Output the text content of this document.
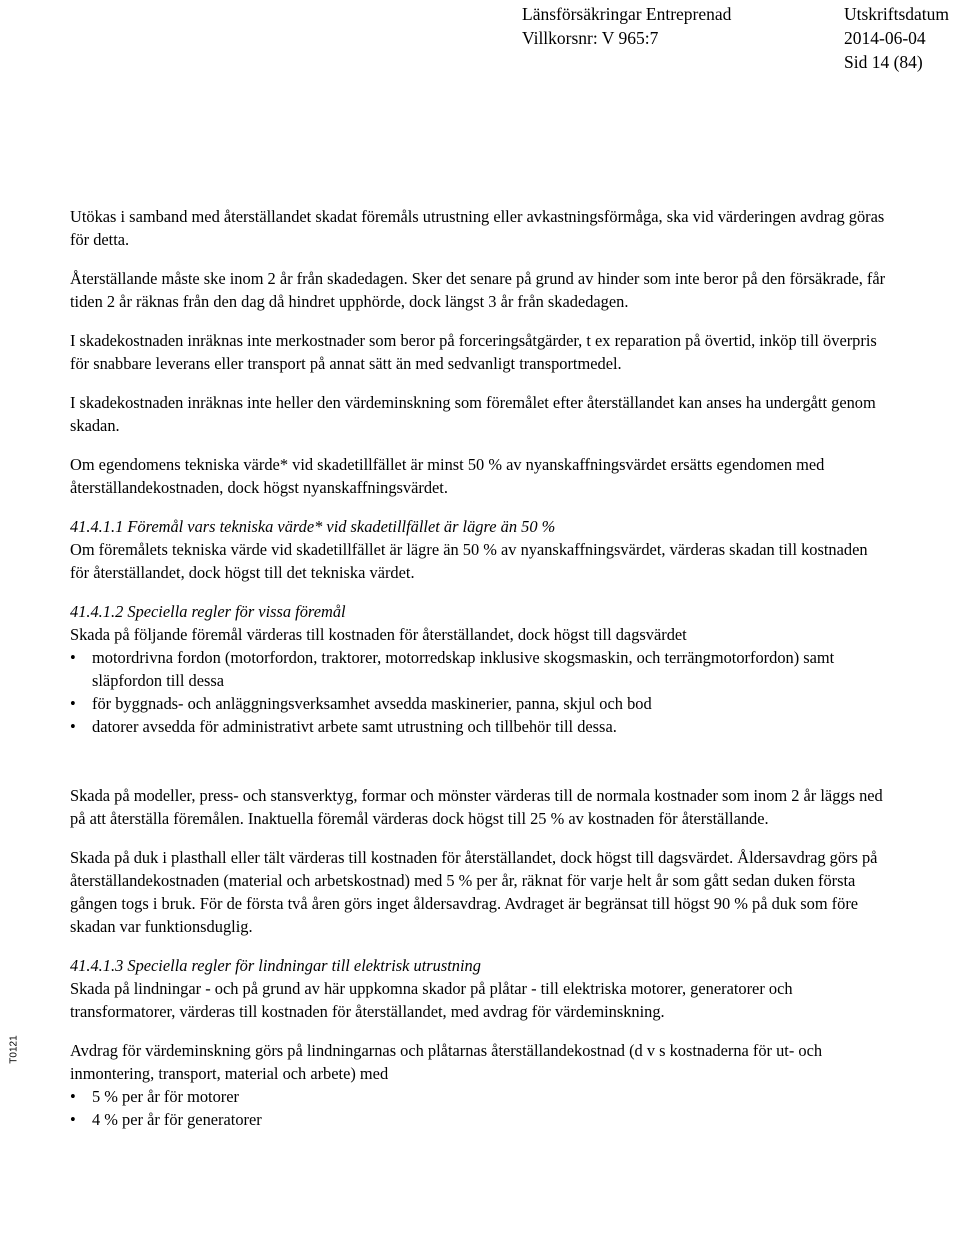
Länsförsäkringar Entreprenad
Villkorsnr: V 965:7
Utskriftsdatum
2014-06-04
Sid 14 (84)
T0121

Utökas i samband med återställandet skadat föremåls utrustning eller avkastningsförmåga, ska vid värderingen avdrag göras för detta.

Återställande måste ske inom 2 år från skadedagen. Sker det senare på grund av hinder som inte beror på den försäkrade, får tiden 2 år räknas från den dag då hindret upphörde, dock längst 3 år från skadedagen.

I skadekostnaden inräknas inte merkostnader som beror på forceringsåtgärder, t ex reparation på övertid, inköp till överpris för snabbare leverans eller transport på annat sätt än med sedvanligt transportmedel.

I skadekostnaden inräknas inte heller den värdeminskning som föremålet efter återställandet kan anses ha undergått genom skadan.

Om egendomens tekniska värde* vid skadetillfället är minst 50 % av nyanskaffningsvärdet ersätts egendomen med återställandekostnaden, dock högst nyanskaffningsvärdet.

41.4.1.1 Föremål vars tekniska värde* vid skadetillfället är lägre än 50 %

Om föremålets tekniska värde vid skadetillfället är lägre än 50 % av nyanskaffningsvärdet, värderas skadan till kostnaden för återställandet, dock högst till det tekniska värdet.

41.4.1.2 Speciella regler för vissa föremål

Skada på följande föremål värderas till kostnaden för återställandet, dock högst till dagsvärdet

• motordrivna fordon (motorfordon, traktorer, motorredskap inklusive skogsmaskin, och terrängmotorfordon) samt släpfordon till dessa
• för byggnads- och anläggningsverksamhet avsedda maskinerier, panna, skjul och bod
• datorer avsedda för administrativt arbete samt utrustning och tillbehör till dessa.

Skada på modeller, press- och stansverktyg, formar och mönster värderas till de normala kostnader som inom 2 år läggs ned på att återställa föremålen. Inaktuella föremål värderas dock högst till 25 % av kostnaden för återställande.

Skada på duk i plasthall eller tält värderas till kostnaden för återställandet, dock högst till dagsvärdet. Åldersavdrag görs på återställandekostnaden (material och arbetskostnad) med 5 % per år, räknat för varje helt år som gått sedan duken första gången togs i bruk. För de första två åren görs inget åldersavdrag. Avdraget är begränsat till högst 90 % på duk som före skadan var funktionsduglig.

41.4.1.3 Speciella regler för lindningar till elektrisk utrustning

Skada på lindningar - och på grund av här uppkomna skador på plåtar - till elektriska motorer, generatorer och transformatorer, värderas till kostnaden för återställandet, med avdrag för värdeminskning.

Avdrag för värdeminskning görs på lindningarnas och plåtarnas återställandekostnad (d v s kostnaderna för ut- och inmontering, transport, material och arbete) med

• 5 % per år för motorer
• 4 % per år för generatorer
